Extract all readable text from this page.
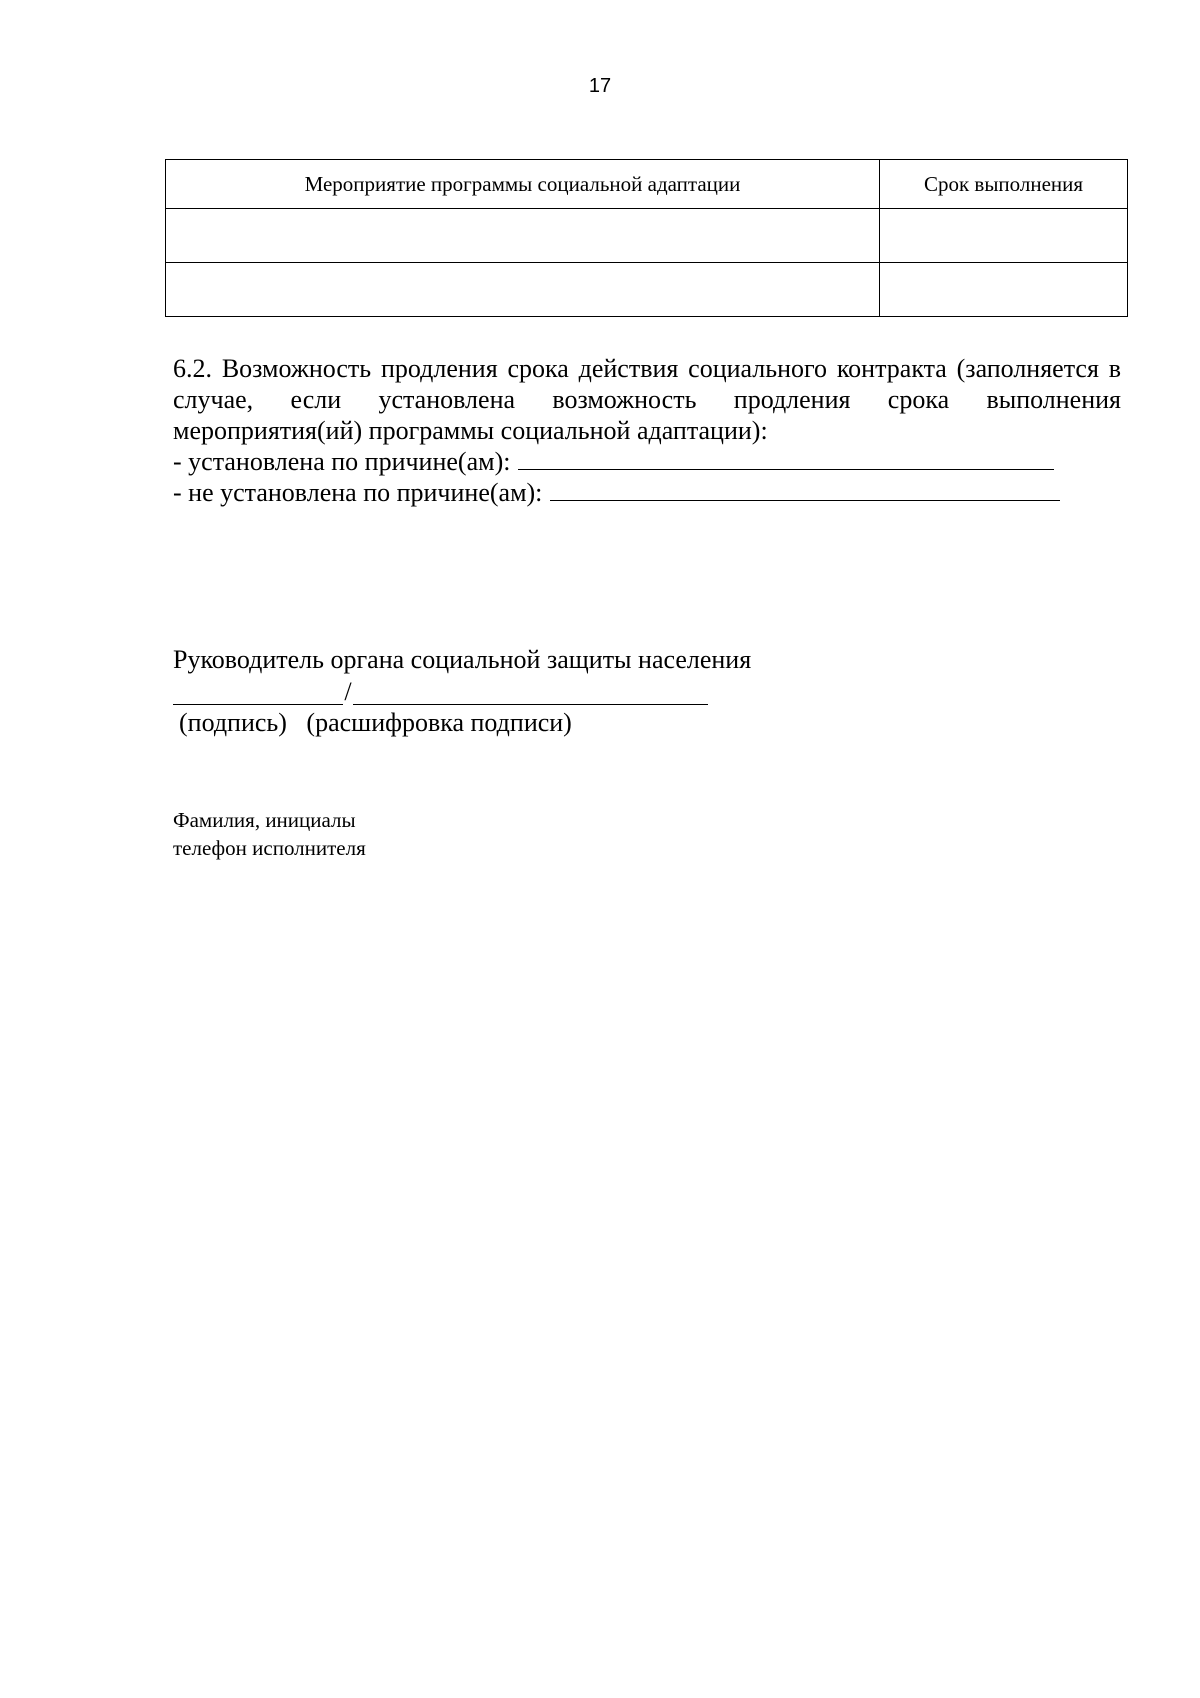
17
Мероприятие программы социальной адаптации	Срок выполнения

6.2. Возможность продления срока действия социального контракта (заполняется в случае, если установлена возможность продления срока выполнения мероприятия(ий) программы социальной адаптации):
- установлена по причине(ам):
- не установлена по причине(ам):
Руководитель органа социальной защиты населения
/
(подпись)   (расшифровка подписи)
Фамилия, инициалы
телефон исполнителя
